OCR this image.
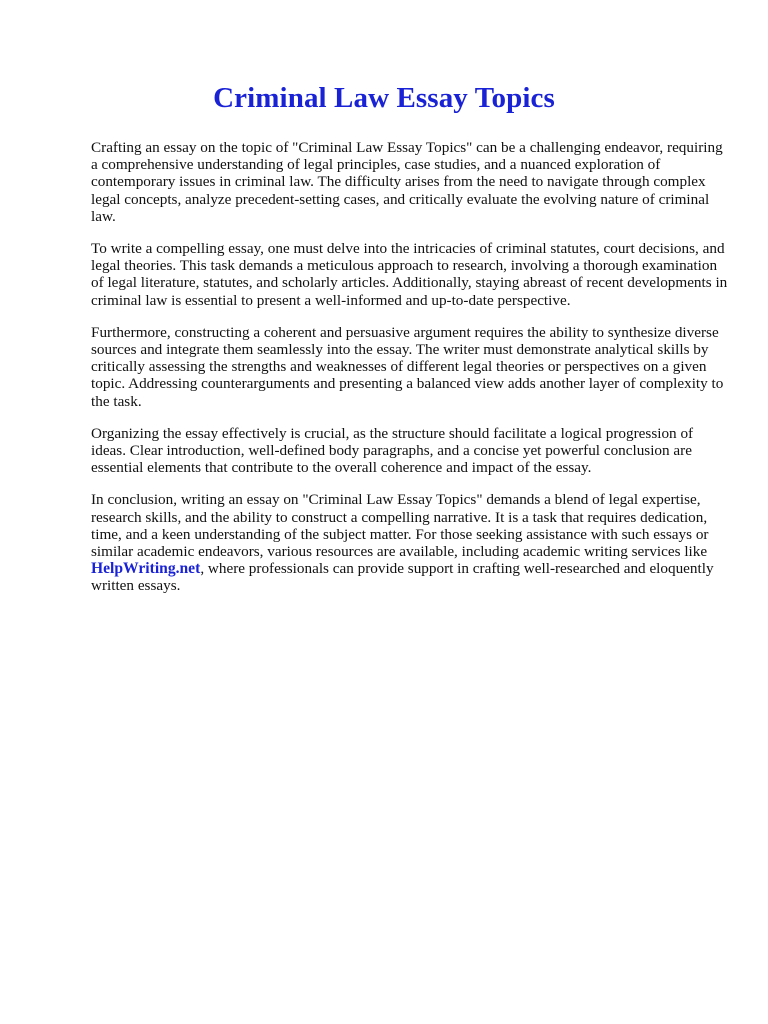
Criminal Law Essay Topics

Crafting an essay on the topic of "Criminal Law Essay Topics" can be a challenging endeavor, requiring a comprehensive understanding of legal principles, case studies, and a nuanced exploration of contemporary issues in criminal law. The difficulty arises from the need to navigate through complex legal concepts, analyze precedent-setting cases, and critically evaluate the evolving nature of criminal law.

To write a compelling essay, one must delve into the intricacies of criminal statutes, court decisions, and legal theories. This task demands a meticulous approach to research, involving a thorough examination of legal literature, statutes, and scholarly articles. Additionally, staying abreast of recent developments in criminal law is essential to present a well-informed and up-to-date perspective.

Furthermore, constructing a coherent and persuasive argument requires the ability to synthesize diverse sources and integrate them seamlessly into the essay. The writer must demonstrate analytical skills by critically assessing the strengths and weaknesses of different legal theories or perspectives on a given topic. Addressing counterarguments and presenting a balanced view adds another layer of complexity to the task.

Organizing the essay effectively is crucial, as the structure should facilitate a logical progression of ideas. Clear introduction, well-defined body paragraphs, and a concise yet powerful conclusion are essential elements that contribute to the overall coherence and impact of the essay.

In conclusion, writing an essay on "Criminal Law Essay Topics" demands a blend of legal expertise, research skills, and the ability to construct a compelling narrative. It is a task that requires dedication, time, and a keen understanding of the subject matter. For those seeking assistance with such essays or similar academic endeavors, various resources are available, including academic writing services like HelpWriting.net, where professionals can provide support in crafting well-researched and eloquently written essays.
